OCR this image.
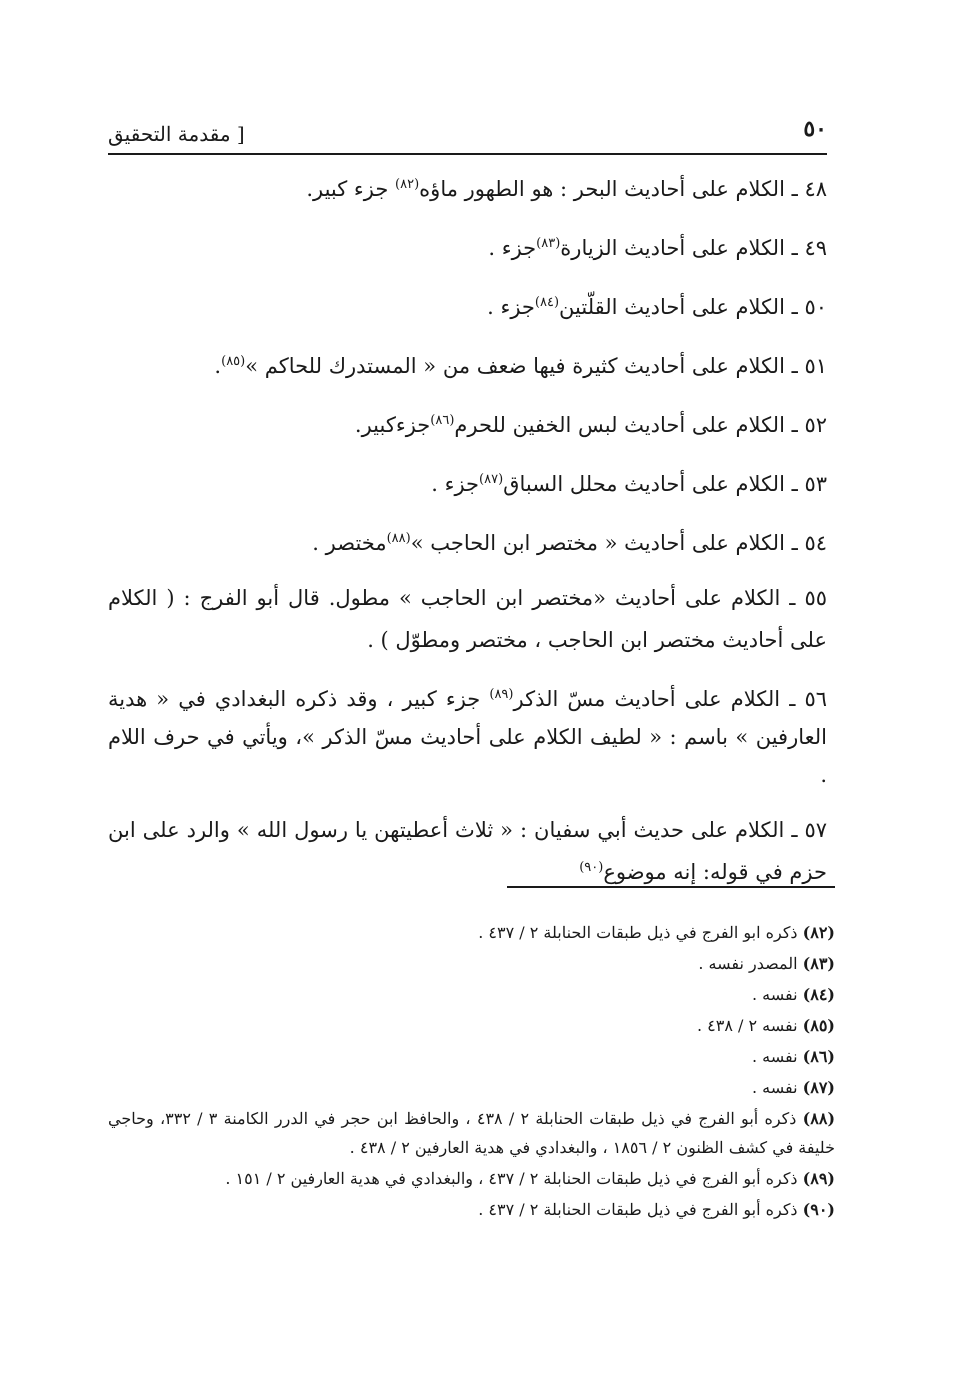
٥٠
[ مقدمة التحقيق
٤٨ ـ الكلام على أحاديث البحر : هو الطهور ماؤه$^{(٨٢)}$ جزء كبير.
٤٩ ـ الكلام على أحاديث الزيارة$^{(٨٣)}$جزء .
٥٠ ـ الكلام على أحاديث القلّتين$^{(٨٤)}$جزء .
٥١ ـ الكلام على أحاديث كثيرة فيها ضعف من « المستدرك للحاكم »$^{(٨٥)}$.
٥٢ ـ الكلام على أحاديث لبس الخفين للحرم$^{(٨٦)}$جزءكبير.
٥٣ ـ الكلام على أحاديث محلل السباق$^{(٨٧)}$جزء .
٥٤ ـ الكلام على أحاديث « مختصر ابن الحاجب »$^{(٨٨)}$مختصر .
٥٥ ـ الكلام على أحاديث «مختصر ابن الحاجب » مطول. قال أبو الفرج : ( الكلام على أحاديث مختصر ابن الحاجب ، مختصر ومطوّل ) .
٥٦ ـ الكلام على أحاديث مسّ الذكر$^{(٨٩)}$ جزء كبير ، وقد ذكره البغدادي في « هدية العارفين » باسم : « لطيف الكلام على أحاديث مسّ الذكر »، ويأتي في حرف اللام .
٥٧ ـ الكلام على حديث أبي سفيان : « ثلاث أعطيتهن يا رسول الله » والرد على ابن حزم في قوله: إنه موضوع$^{(٩٠)}$
(٨٢) ذكره ابو الفرج في ذيل طبقات الحنابلة ٢ / ٤٣٧ .
(٨٣) المصدر نفسه .
(٨٤) نفسه .
(٨٥) نفسه ٢ / ٤٣٨ .
(٨٦) نفسه .
(٨٧) نفسه .
(٨٨) ذكره أبو الفرج في ذيل طبقات الحنابلة ٢ / ٤٣٨ ، والحافظ ابن حجر في الدرر الكامنة ٣ / ٣٣٢، وحاجي خليفة في كشف الظنون ٢ / ١٨٥٦ ، والبغدادي في هدية العارفين ٢ / ٤٣٨ .
(٨٩) ذكره أبو الفرج في ذيل طبقات الحنابلة ٢ / ٤٣٧ ، والبغدادي في هدية العارفين ٢ / ١٥١ .
(٩٠) ذكره أبو الفرج في ذيل طبقات الحنابلة ٢ / ٤٣٧ .
